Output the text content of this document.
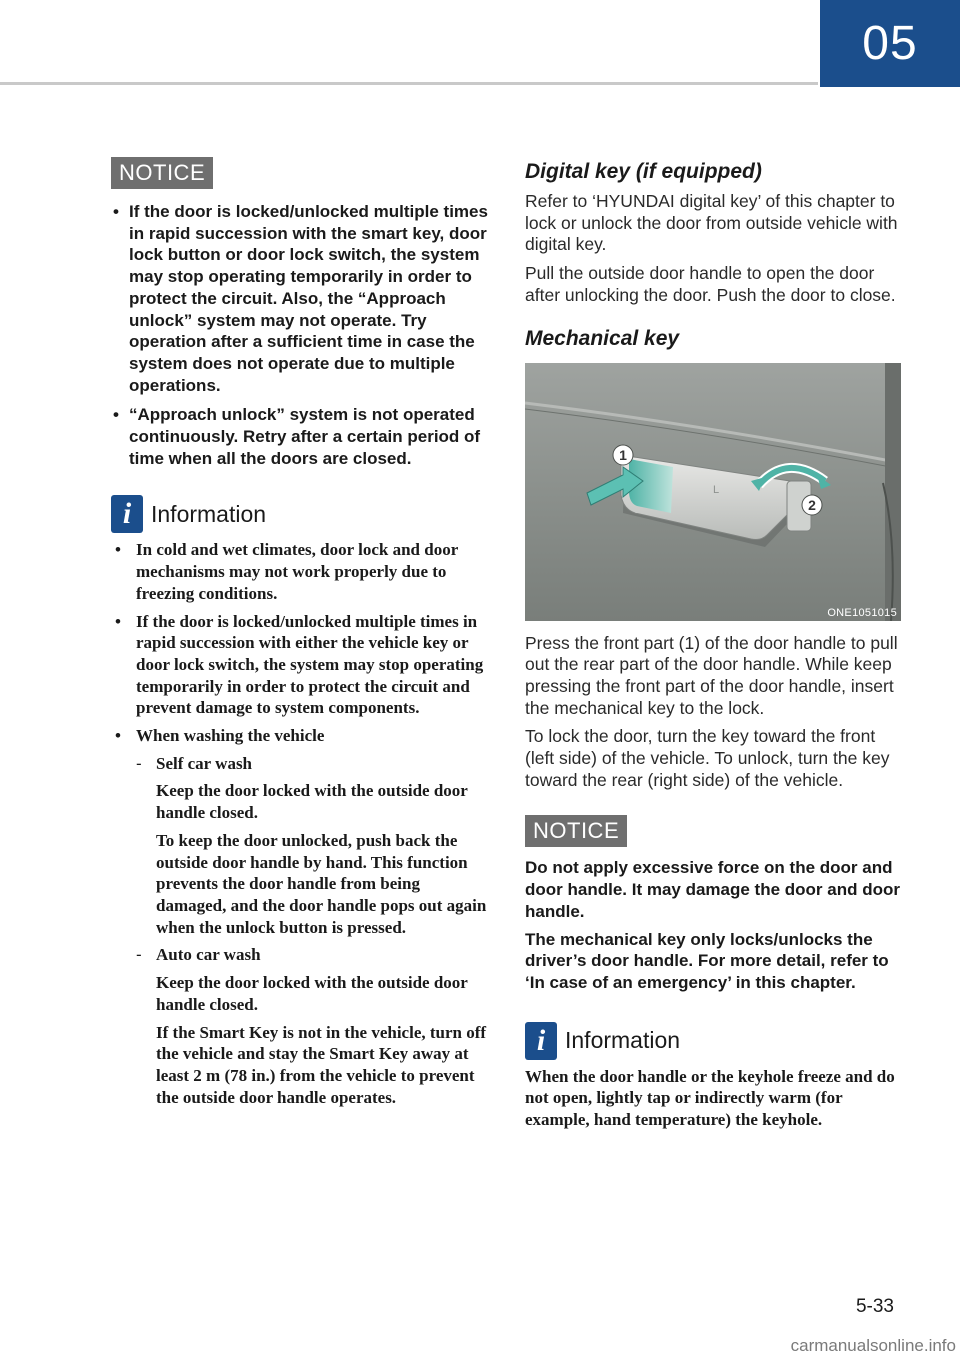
05
NOTICE
• If the door is locked/unlocked multiple times in rapid succession with the smart key, door lock button or door lock switch, the system may stop operating temporarily in order to protect the circuit. Also, the “Approach unlock” system may not operate. Try operation after a sufficient time in case the system does not operate due to multiple operations.
• “Approach unlock” system is not operated continuously. Retry after a certain period of time when all the doors are closed.
i Information
• In cold and wet climates, door lock and door mechanisms may not work properly due to freezing conditions.
• If the door is locked/unlocked multiple times in rapid succession with either the vehicle key or door lock switch, the system may stop operating temporarily in order to protect the circuit and prevent damage to system components.
• When washing the vehicle
- Self car wash
Keep the door locked with the outside door handle closed.
To keep the door unlocked, push back the outside door handle by hand. This function prevents the door handle from being damaged, and the door handle pops out again when the unlock button is pressed.
- Auto car wash
Keep the door locked with the outside door handle closed.
If the Smart Key is not in the vehicle, turn off the vehicle and stay the Smart Key away at least 2 m (78 in.) from the vehicle to prevent the outside door handle operates.
Digital key (if equipped)

Refer to ‘HYUNDAI digital key’ of this chapter to lock or unlock the door from outside vehicle with digital key.

Pull the outside door handle to open the door after unlocking the door. Push the door to close.

Mechanical key
1
L
2
ONE1051015

Press the front part (1) of the door handle to pull out the rear part of the door handle. While keep pressing the front part of the door handle, insert the mechanical key to the lock.

To lock the door, turn the key toward the front (left side) of the vehicle. To unlock, turn the key toward the rear (right side) of the vehicle.

NOTICE

Do not apply excessive force on the door and door handle. It may damage the door and door handle.

The mechanical key only locks/unlocks the driver’s door handle. For more detail, refer to ‘In case of an emergency’ in this chapter.

i Information

When the door handle or the keyhole freeze and do not open, lightly tap or indirectly warm (for example, hand temperature) the keyhole.

5-33
carmanualsonline.info
